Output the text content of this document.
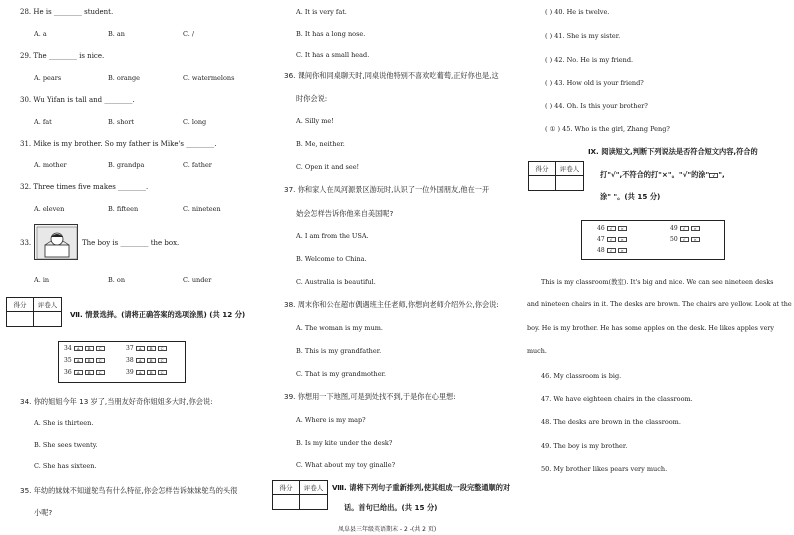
28. He is ________ student.
A. a	B. an	C. /
29. The ________ is nice.
A. pears	B. orange	C. watermelons
30. Wu Yifan is tall and ________.
A. fat	B. short	C. long
31. Mike is my brother. So my father is Mike's ________.
A. mother	B. grandpa	C. father
32. Three times five makes ________.
A. eleven	B. fifteen	C. nineteen
33.	The boy is ________ the box.
A. in	B. on	C. under
得分	评卷人
Ⅶ. 情景选择。(请将正确答案的选项涂黑) (共 12 分)
34	A	B	C	37	A	B	C
35	A	B	C	38	A	B	C
36	A	B	C	39	A	B	C
34. 你的姐姐今年 13 岁了,当朋友好奇你姐姐多大时,你会说:
A. She is thirteen.
B. She sees twenty.
C. She has sixteen.
35. 年幼的妹妹不知道鸵鸟有什么特征,你会怎样告诉妹妹鸵鸟的头很
小呢?
A. It is very fat.
B. It has a long nose.
C. It has a small head.
36. 课间你和同桌聊天时,同桌说他特别不喜欢吃葡萄,正好你也是,这
时你会说:
A. Silly me!
B. Me, neither.
C. Open it and see!
37. 你和家人在凤河源景区游玩时,认识了一位外国朋友,他在一开
始会怎样告诉你他来自美国呢?
A. I am from the USA.
B. Welcome to China.
C. Australia is beautiful.
38. 周末你和公在超市偶遇班主任老师,你想向老师介绍外公,你会说:
A. The woman is my mum.
B. This is my grandfather.
C. That is my grandmother.
39. 你想用一下地图,可是到处找不到,于是你在心里想:
A. Where is my map?
B. Is my kite under the desk?
C. What about my toy ginalle?
得分	评卷人	Ⅷ. 请将下列句子重新排列,使其组成一段完整通顺的对
话。首句已给出。(共 15 分)
凤阜县三年级英语期末 - 2 -(共 2 页)
( ) 40. He is twelve.
( ) 41. She is my sister.
( ) 42. No. He is my friend.
( ) 43. How old is your friend?
( ) 44. Oh. Is this your brother?
( ① ) 45. Who is the girl, Zhang Peng?
得分	评卷人
Ⅸ. 阅读短文,判断下列说法是否符合短文内容,符合的
打"√",不符合的打"×"。"√"的涂" √ ",
涂" "。(共 15 分)
46	√	×	49	√	×
47	√	×	50	√	×
48	√	×
This is my classroom(教室). It's big and nice. We can see nineteen desks
and nineteen chairs in it. The desks are brown. The chairs are yellow. Look at the
boy. He is my brother. He has some apples on the desk. He likes apples very
much.
46. My classroom is big.
47. We have eighteen chairs in the classroom.
48. The desks are brown in the classroom.
49. The boy is my brother.
50. My brother likes pears very much.
